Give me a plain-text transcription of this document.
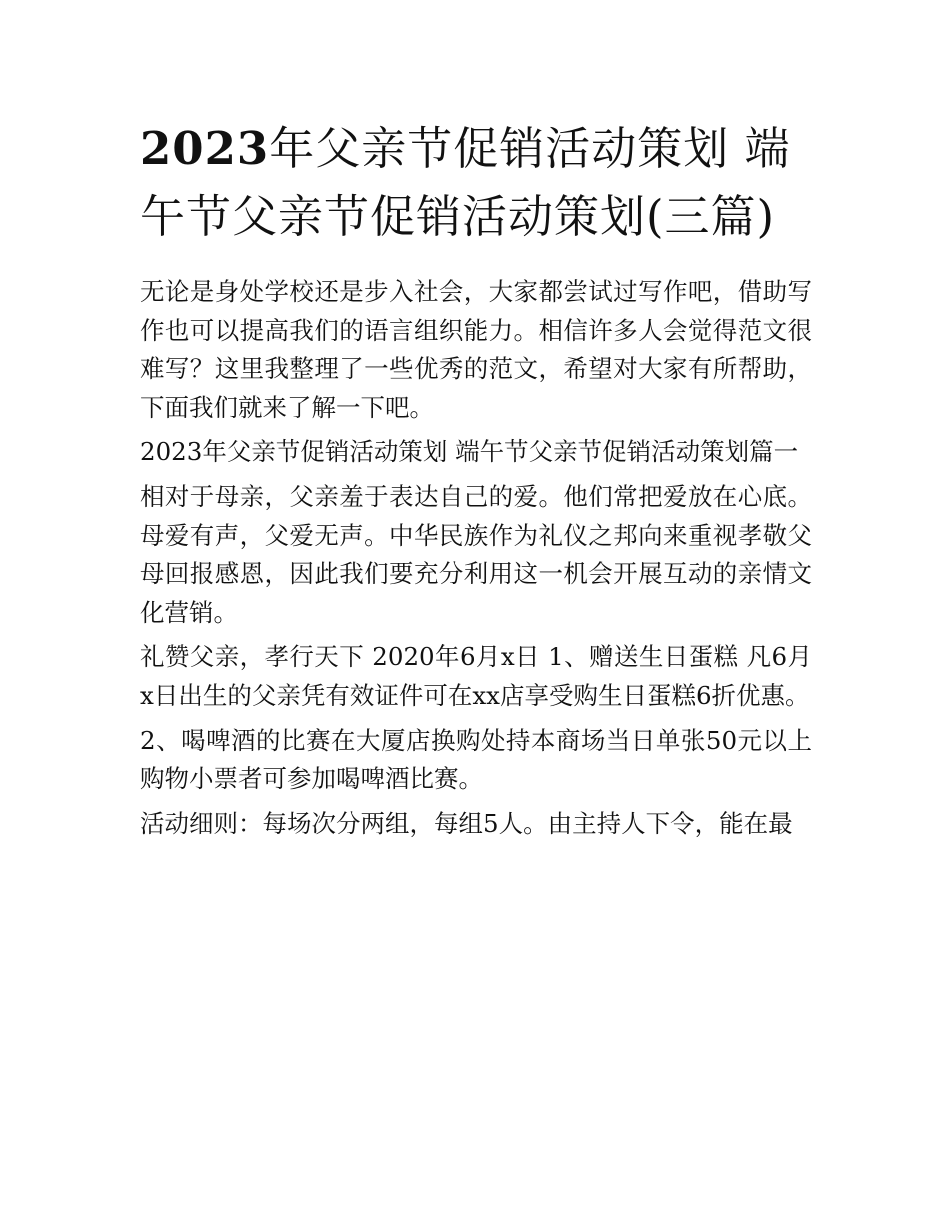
2023年父亲节促销活动策划 端午节父亲节促销活动策划(三篇)

无论是身处学校还是步入社会，大家都尝试过写作吧，借助写作也可以提高我们的语言组织能力。相信许多人会觉得范文很难写？这里我整理了一些优秀的范文，希望对大家有所帮助，下面我们就来了解一下吧。

2023年父亲节促销活动策划 端午节父亲节促销活动策划篇一

相对于母亲，父亲羞于表达自己的爱。他们常把爱放在心底。母爱有声，父爱无声。中华民族作为礼仪之邦向来重视孝敬父母回报感恩，因此我们要充分利用这一机会开展互动的亲情文化营销。

礼赞父亲，孝行天下 2020年6月x日 1、赠送生日蛋糕 凡6月x日出生的父亲凭有效证件可在xx店享受购生日蛋糕6折优惠。

2、喝啤酒的比赛在大厦店换购处持本商场当日单张50元以上购物小票者可参加喝啤酒比赛。

活动细则：每场次分两组，每组5人。由主持人下令，能在最
